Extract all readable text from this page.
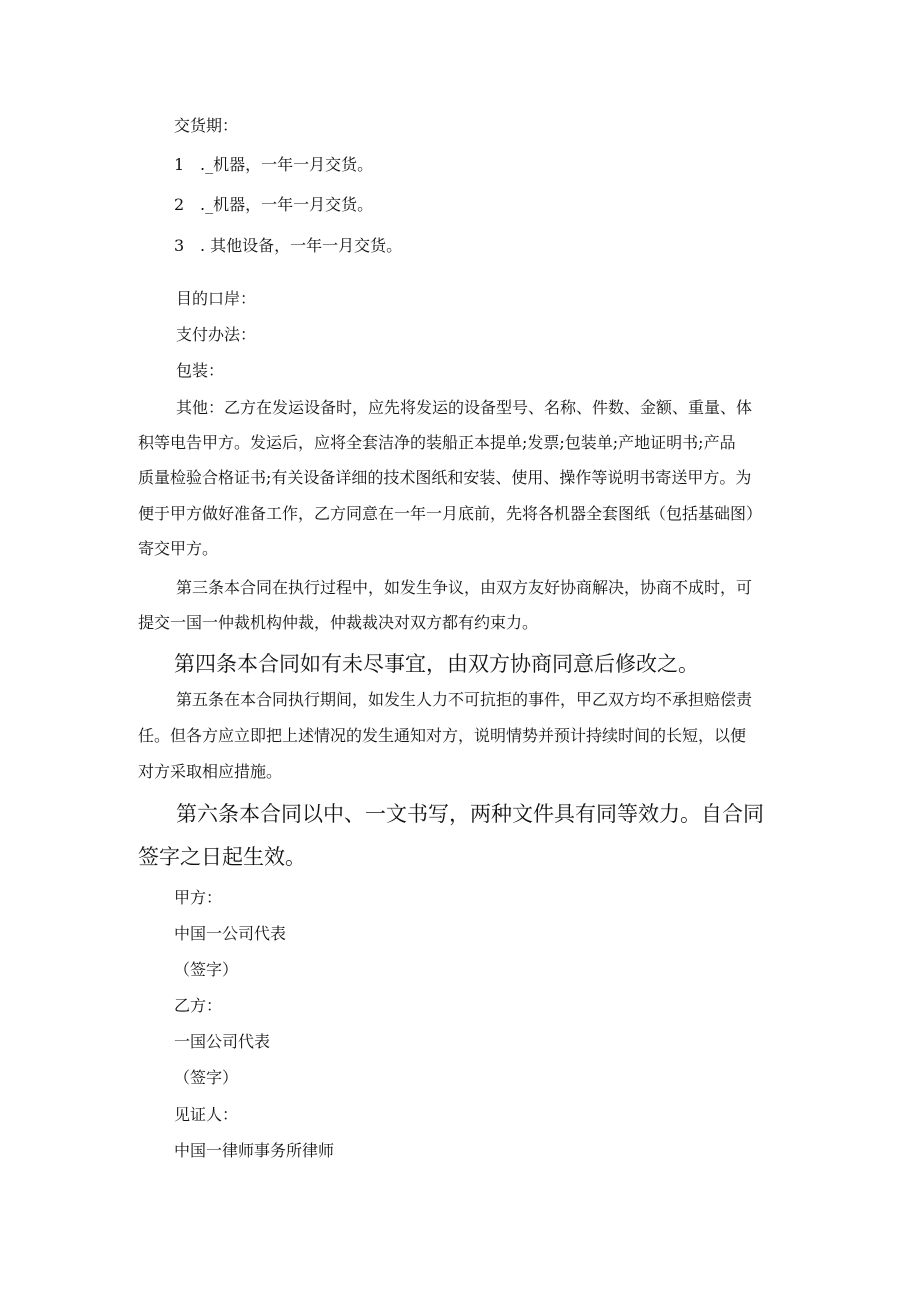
交货期：
1 ._机器，一年一月交货。
2 ._机器，一年一月交货。
3 . 其他设备，一年一月交货。
目的口岸：
支付办法：
包装：
其他：乙方在发运设备时，应先将发运的设备型号、名称、件数、金额、重量、体
积等电告甲方。发运后，应将全套洁净的装船正本提单;发票;包装单;产地证明书;产品
质量检验合格证书;有关设备详细的技术图纸和安装、使用、操作等说明书寄送甲方。为
便于甲方做好准备工作，乙方同意在一年一月底前，先将各机器全套图纸（包括基础图）
寄交甲方。
第三条本合同在执行过程中，如发生争议，由双方友好协商解决，协商不成时，可
提交一国一仲裁机构仲裁，仲裁裁决对双方都有约束力。
第四条本合同如有未尽事宜，由双方协商同意后修改之。
第五条在本合同执行期间，如发生人力不可抗拒的事件，甲乙双方均不承担赔偿责
任。但各方应立即把上述情况的发生通知对方，说明情势并预计持续时间的长短，以便
对方采取相应措施。
第六条本合同以中、一文书写，两种文件具有同等效力。自合同
签字之日起生效。
甲方：
中国一公司代表
（签字）
乙方：
一国公司代表
（签字）
见证人：
中国一律师事务所律师
